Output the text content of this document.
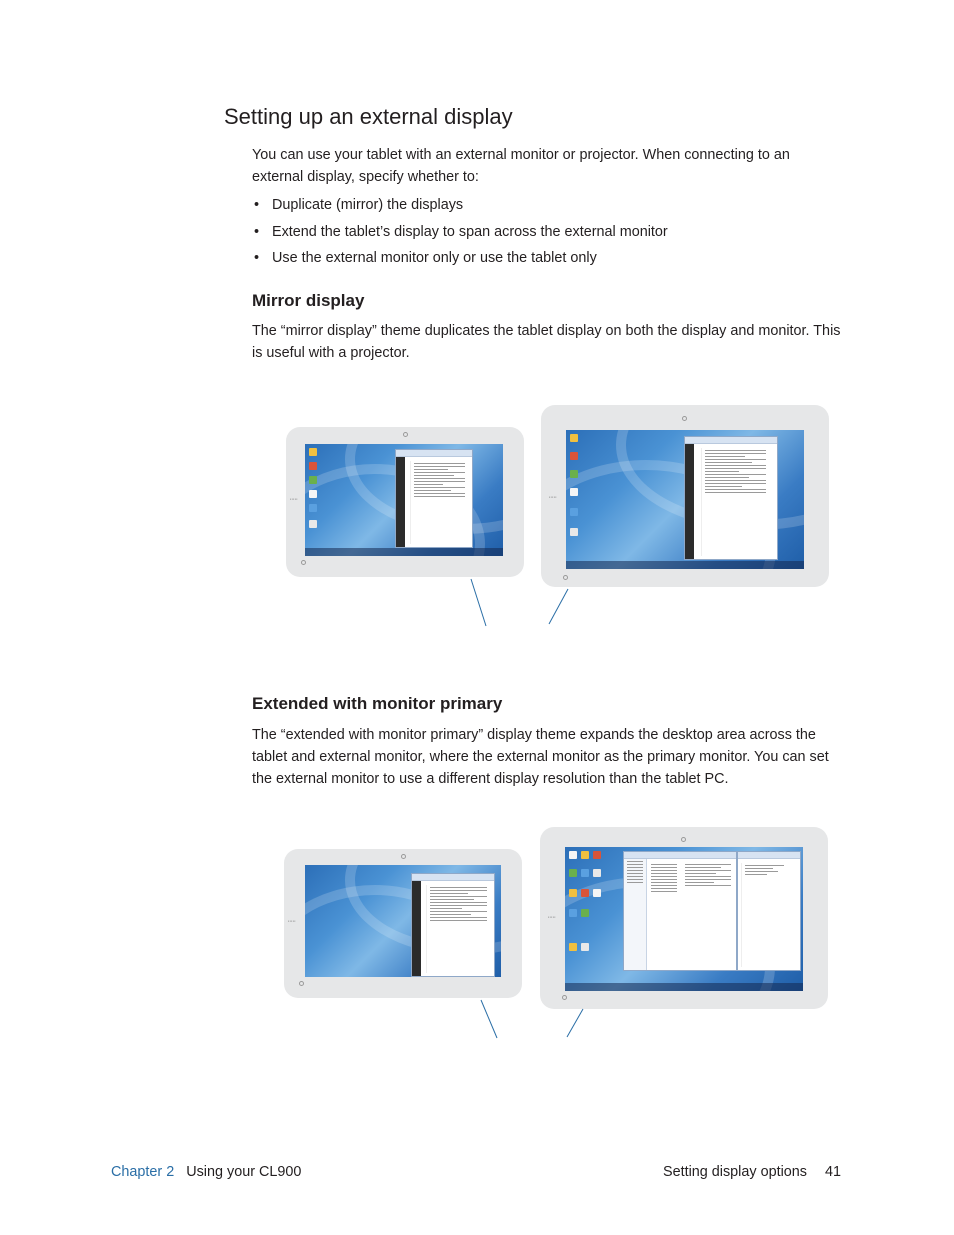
Setting up an external display

You can use your tablet with an external monitor or projector. When connecting to an external display, specify whether to:

• Duplicate (mirror) the displays
• Extend the tablet’s display to span across the external monitor
• Use the external monitor only or use the tablet only
Mirror display

The “mirror display” theme duplicates the tablet display on both the display and monitor. This is useful with a projector.

▪▪▪▪▪	▪▪▪▪▪
Extended with monitor primary

The “extended with monitor primary” display theme expands the desktop area across the tablet and external monitor, where the external monitor as the primary monitor. You can set the external monitor to use a different display resolution than the tablet PC.

▪▪▪▪▪
▪▪▪▪▪

Chapter 2 Using your CL900	Setting display options 41
